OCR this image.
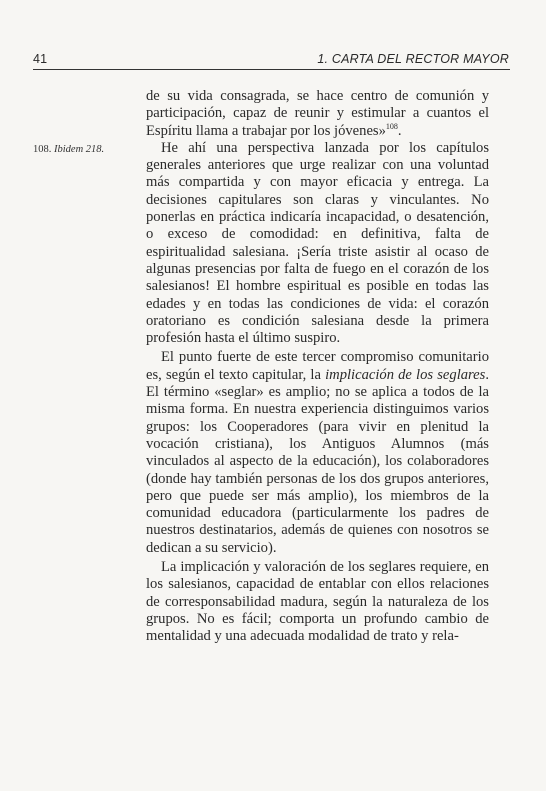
41	1. CARTA DEL RECTOR MAYOR
108. Ibidem 218.

de su vida consagrada, se hace centro de comunión y participación, capaz de reunir y estimular a cuantos el Espíritu llama a trabajar por los jóvenes»$^{108}$.

He ahí una perspectiva lanzada por los capítulos generales anteriores que urge realizar con una voluntad más compartida y con mayor eficacia y entrega. La decisiones capitulares son claras y vinculantes. No ponerlas en práctica indicaría incapacidad, o desatención, o exceso de comodidad: en definitiva, falta de espiritualidad salesiana. ¡Sería triste asistir al ocaso de algunas presencias por falta de fuego en el corazón de los salesianos! El hombre espiritual es posible en todas las edades y en todas las condiciones de vida: el corazón oratoriano es condición salesiana desde la primera profesión hasta el último suspiro.

El punto fuerte de este tercer compromiso comunitario es, según el texto capitular, la implicación de los seglares. El término «seglar» es amplio; no se aplica a todos de la misma forma. En nuestra experiencia distinguimos varios grupos: los Cooperadores (para vivir en plenitud la vocación cristiana), los Antiguos Alumnos (más vinculados al aspecto de la educación), los colaboradores (donde hay también personas de los dos grupos anteriores, pero que puede ser más amplio), los miembros de la comunidad educadora (particularmente los padres de nuestros destinatarios, además de quienes con nosotros se dedican a su servicio).

La implicación y valoración de los seglares requiere, en los salesianos, capacidad de entablar con ellos relaciones de corresponsabilidad madura, según la naturaleza de los grupos. No es fácil; comporta un profundo cambio de mentalidad y una adecuada modalidad de trato y rela-
